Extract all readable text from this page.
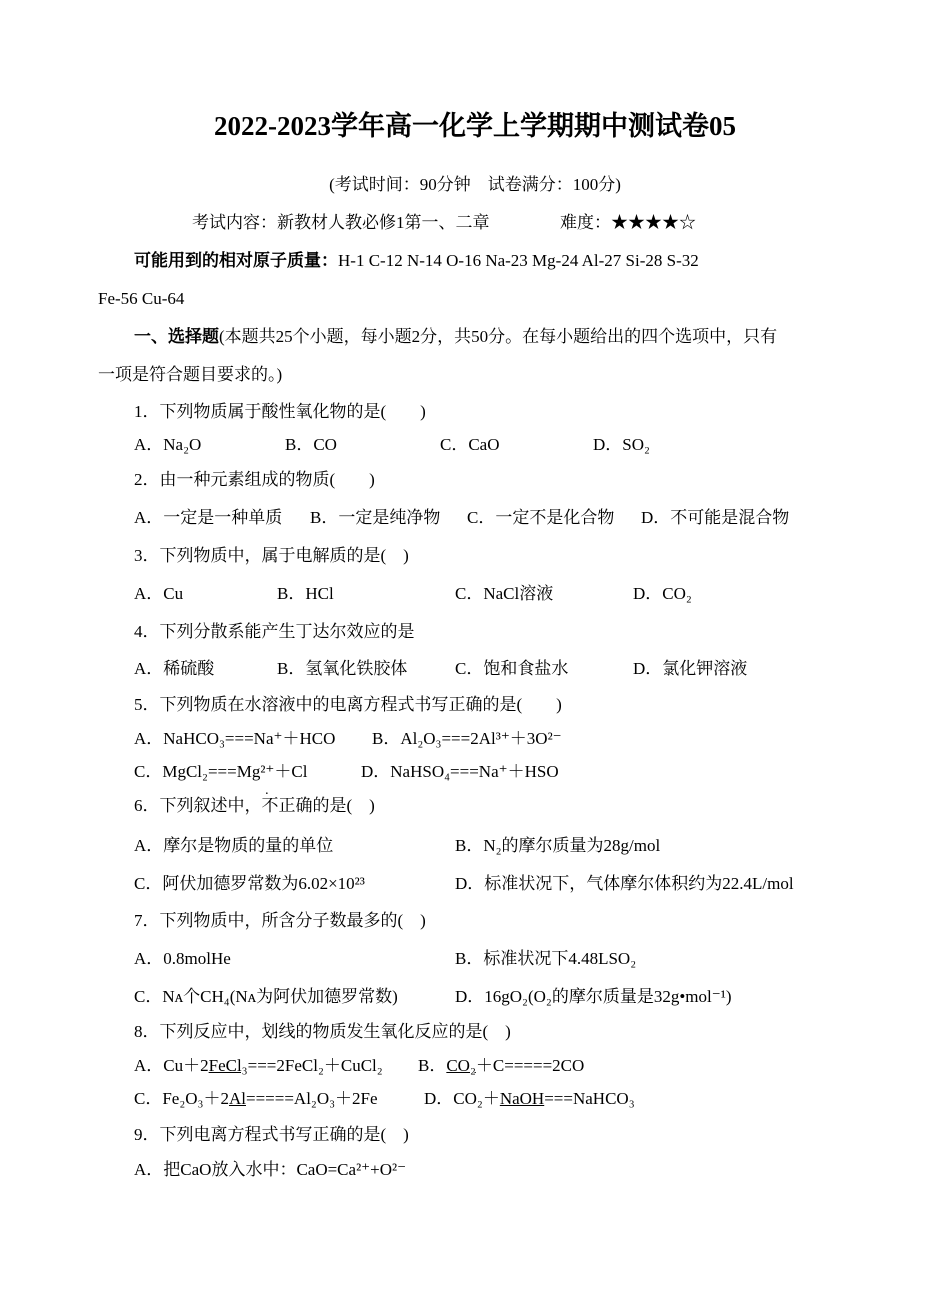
2022-2023学年高一化学上学期期中测试卷05
(考试时间：90分钟　试卷满分：100分)
考试内容：新教材人教必修1第一、二章	难度：★★★★☆
可能用到的相对原子质量：H-1 C-12 N-14 O-16 Na-23 Mg-24 Al-27 Si-28 S-32
Fe-56 Cu-64
一、选择题(本题共25个小题，每小题2分，共50分。在每小题给出的四个选项中，只有
一项是符合题目要求的。)
1．下列物质属于酸性氧化物的是(　　)
A．Na₂O	B．CO	C．CaO	D．SO₂
2．由一种元素组成的物质(　　)
A．一定是一种单质 B．一定是纯净物 C．一定不是化合物 D．不可能是混合物
3．下列物质中，属于电解质的是(　)
A．Cu	B．HCl	C．NaCl溶液	D．CO₂
4．下列分散系能产生丁达尔效应的是
A．稀硫酸	B．氢氧化铁胶体	C．饱和食盐水	D．氯化钾溶液
5．下列物质在水溶液中的电离方程式书写正确的是(　　)
A．NaHCO₃===Na⁺＋HCO B．Al₂O₃===2Al³⁺＋3O²⁻
C．MgCl₂===Mg²⁺＋Cl	D．NaHSO₄===Na⁺＋HSO
6．下列叙述中，不正确的是(　)
A．摩尔是物质的量的单位	B．N₂的摩尔质量为28g/mol
C．阿伏加德罗常数为6.02×10²³	D．标准状况下，气体摩尔体积约为22.4L/mol
7．下列物质中，所含分子数最多的(　)
A．0.8molHe	B．标准状况下4.48LSO₂
C．Nᴀ个CH₄(Nᴀ为阿伏加德罗常数)	D．16gO₂(O₂的摩尔质量是32g•mol⁻¹)
8．下列反应中，划线的物质发生氧化反应的是(　)
A．Cu＋2FeCl₃===2FeCl₂＋CuCl₂ B．CO₂＋C=====2CO
C．Fe₂O₃＋2Al=====Al₂O₃＋2Fe	D．CO₂＋NaOH===NaHCO₃
9．下列电离方程式书写正确的是(　)
A．把CaO放入水中：CaO=Ca²⁺+O²⁻
